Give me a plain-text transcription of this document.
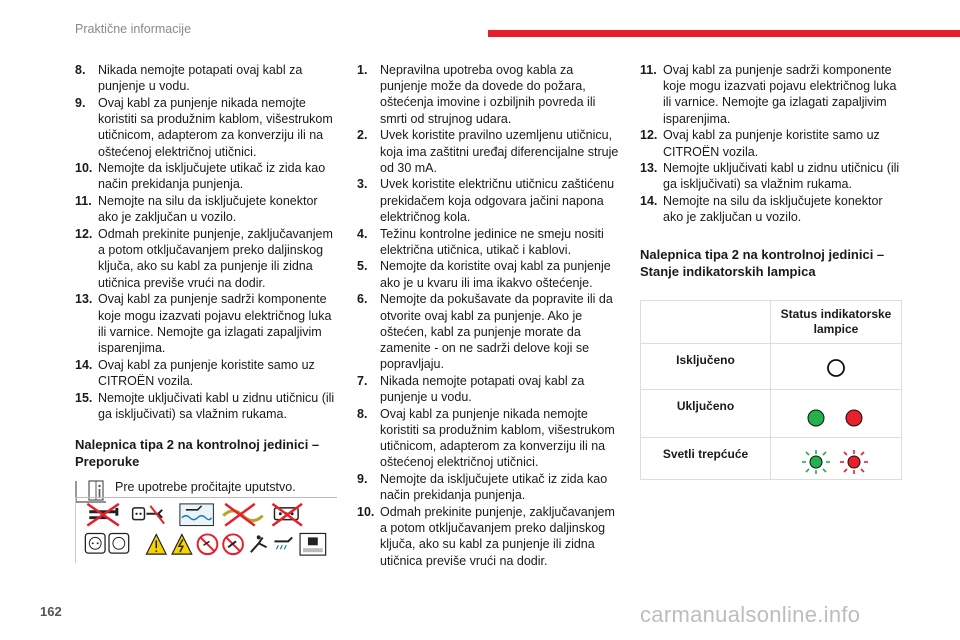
Praktične informacije
8.	Nikada nemojte potapati ovaj kabl za punjenje u vodu.
9.	Ovaj kabl za punjenje nikada nemojte koristiti sa produžnim kablom, višestrukom utičnicom, adapterom za konverziju ili na oštećenoj električnoj utičnici.
10. Nemojte da isključujete utikač iz zida kao način prekidanja punjenja.
11. Nemojte na silu da isključujete konektor ako je zaključan u vozilo.
12. Odmah prekinite punjenje, zaključavanjem a potom otključavanjem preko daljinskog ključa, ako su kabl za punjenje ili zidna utičnica previše vrući na dodir.
13. Ovaj kabl za punjenje sadrži komponente koje mogu izazvati pojavu električnog luka ili varnice. Nemojte ga izlagati zapaljivim isparenjima.
14. Ovaj kabl za punjenje koristite samo uz CITROËN vozila.
15. Nemojte uključivati kabl u zidnu utičnicu (ili ga isključivati) sa vlažnim rukama.
Nalepnica tipa 2 na kontrolnoj jedinici – Preporuke
Pre upotrebe pročitajte uputstvo.
1.	Nepravilna upotreba ovog kabla za punjenje može da dovede do požara, oštećenja imovine i ozbiljnih povreda ili smrti od strujnog udara.
2.	Uvek koristite pravilno uzemljenu utičnicu, koja ima zaštitni uređaj diferencijalne struje od 30 mA.
3.	Uvek koristite električnu utičnicu zaštićenu prekidačem koja odgovara jačini napona električnog kola.
4.	Težinu kontrolne jedinice ne smeju nositi električna utičnica, utikač i kablovi.
5.	Nemojte da koristite ovaj kabl za punjenje ako je u kvaru ili ima ikakvo oštećenje.
6.	Nemojte da pokušavate da popravite ili da otvorite ovaj kabl za punjenje. Ako je oštećen, kabl za punjenje morate da zamenite - on ne sadrži delove koji se popravljaju.
7.	Nikada nemojte potapati ovaj kabl za punjenje u vodu.
8.	Ovaj kabl za punjenje nikada nemojte koristiti sa produžnim kablom, višestrukom utičnicom, adapterom za konverziju ili na oštećenoj električnoj utičnici.
9.	Nemojte da isključujete utikač iz zida kao način prekidanja punjenja.
10. Odmah prekinite punjenje, zaključavanjem a potom otključavanjem preko daljinskog ključa, ako su kabl za punjenje ili zidna utičnica previše vrući na dodir.
11. Ovaj kabl za punjenje sadrži komponente koje mogu izazvati pojavu električnog luka ili varnice. Nemojte ga izlagati zapaljivim isparenjima.
12. Ovaj kabl za punjenje koristite samo uz CITROËN vozila.
13. Nemojte uključivati kabl u zidnu utičnicu (ili ga isključivati) sa vlažnim rukama.
14. Nemojte na silu da isključujete konektor ako je zaključan u vozilo.
Nalepnica tipa 2 na kontrolnoj jedinici – Stanje indikatorskih lampica
Status indikatorske lampice
Isključeno
Uključeno
Svetli trepćuće
162	carmanualsonline.info
